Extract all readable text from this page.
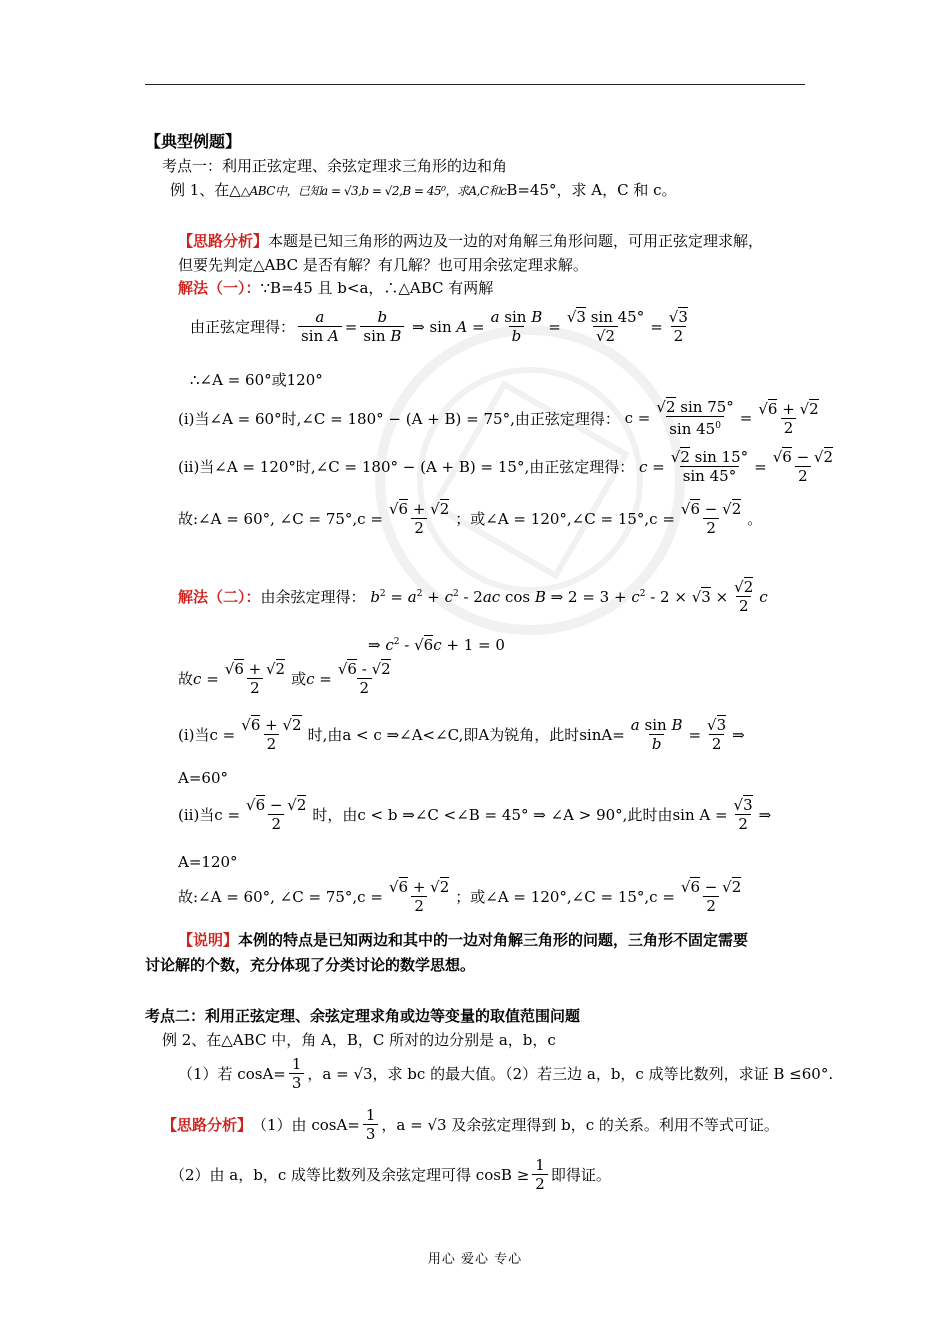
【典型例题】
考点一：利用正弦定理、余弦定理求三角形的边和角
例 1、在△△ABC中，已知a = √3,b = √2,B = 45⁰，求A,C和cB=45°，求 A，C 和 c。
【思路分析】本题是已知三角形的两边及一边的对角解三角形问题，可用正弦定理求解，
但要先判定△ABC 是否有解？有几解？也可用余弦定理求解。
解法（一）：∵B=45 且 b<a，∴△ABC 有两解
由正弦定理得： $\frac{a}{\text{sin A}} = \frac{b}{\text{sin B}}$ ⇒ $\sin A = \frac{\text{a sin B}}{b} = \frac{√3 \sin 45^\circ}{√2} = \frac{√3}{2}$
∴∠A = 60°或120°
(i)当∠A = 60°时,∠C = 180° − (A + B) = 75°,由正弦定理得： $c = \frac{√2 \sin 75^\circ}{\sin 45^0} = \frac{√6 + √2}{2}$
(ii)当∠A = 120°时,∠C = 180° − (A + B) = 15°,由正弦定理得： $c = \frac{√2 \sin 15^\circ}{\sin 45^\circ} = \frac{√6 - √2}{2}$
故:∠A = 60°, ∠C = $75^\circ,c = \frac{√6 + √2}{2}$ ；或∠A = 120°,∠C = $15^\circ,c = \frac{√6 - √2}{2}$ 。
解法（二）： 由余弦定理得： $b^2 = a^2 + c^2 - 2ac$ cos B ⇒ $2 = 3 + c^2 - 2 \times √3 \times \frac{√2}{2}$ c
⇒ $c^2 - √6c + 1 = 0$
故 $c = \frac{√6 + √2}{2}$ 或 $c = \frac{√6 - √2}{2}$
(i)当$c = \frac{√6 + √2}{2}$ 时,由a < c ⇒∠A<∠C,即A为锐角，此时$\sin A= \frac{\text{a sin B}}{b} = \frac{√3}{2}$ ⇒
A=60°
(ii)当$c = \frac{√6 - √2}{2}$ 时，由c < b ⇒∠C <∠B = 45° ⇒ ∠A > 90°,此时由$\sin A = \frac{√3}{2}$ ⇒
A=120°
故:∠A = 60°, ∠C = $75^\circ,c = \frac{√6 + √2}{2}$ ；或∠A = 120°,∠C = $15^\circ,c = \frac{√6 - √2}{2}$
【说明】本例的特点是已知两边和其中的一边对角解三角形的问题，三角形不固定需要
讨论解的个数，充分体现了分类讨论的数学思想。
考点二：利用正弦定理、余弦定理求角或边等变量的取值范围问题
例 2、在△ABC 中，角 A，B，C 所对的边分别是 a，b，c
（1）若 $\cos A= \frac{1}{3}$ ，a = √3，求 bc 的最大值。（2）若三边 a，b，c 成等比数列，求证 B ≤60°.
【思路分析】 （1）由 $\cos A= \frac{1}{3}$ ，a = √3 及余弦定理得到 b，c 的关系。利用不等式可证。
（2）由 a，b，c 成等比数列及余弦定理可得 $\cos B \ge \frac{1}{2}$ 即得证。
用心 爱心 专心
